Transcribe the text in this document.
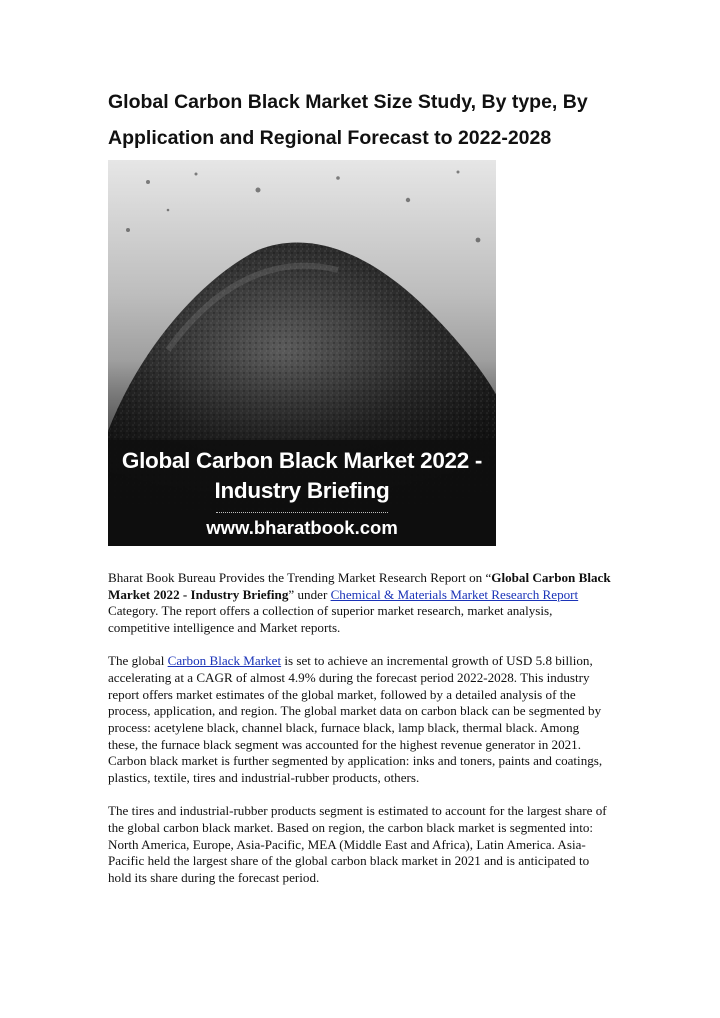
Global Carbon Black Market Size Study, By type, By Application and Regional Forecast to 2022-2028
Global Carbon Black Market 2022 - Industry Briefing
www.bharatbook.com

Bharat Book Bureau Provides the Trending Market Research Report on “Global Carbon Black Market 2022 - Industry Briefing” under Chemical & Materials Market Research Report Category. The report offers a collection of superior market research, market analysis, competitive intelligence and Market reports.

The global Carbon Black Market is set to achieve an incremental growth of USD 5.8 billion, accelerating at a CAGR of almost 4.9% during the forecast period 2022-2028. This industry report offers market estimates of the global market, followed by a detailed analysis of the process, application, and region. The global market data on carbon black can be segmented by process: acetylene black, channel black, furnace black, lamp black, thermal black. Among these, the furnace black segment was accounted for the highest revenue generator in 2021. Carbon black market is further segmented by application: inks and toners, paints and coatings, plastics, textile, tires and industrial-rubber products, others.

The tires and industrial-rubber products segment is estimated to account for the largest share of the global carbon black market. Based on region, the carbon black market is segmented into: North America, Europe, Asia-Pacific, MEA (Middle East and Africa), Latin America. Asia-Pacific held the largest share of the global carbon black market in 2021 and is anticipated to hold its share during the forecast period.
